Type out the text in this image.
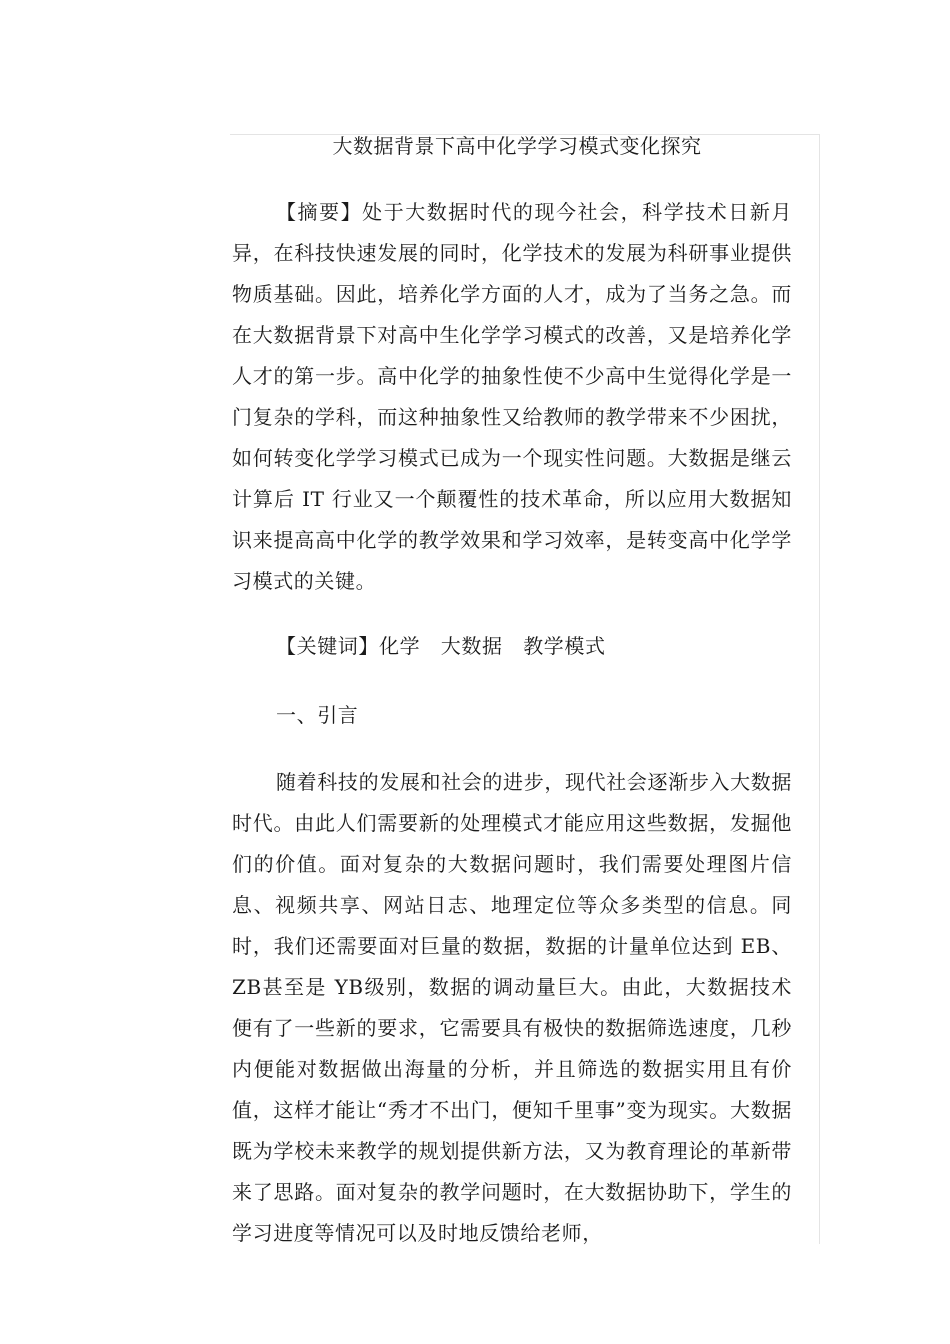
大数据背景下高中化学学习模式变化探究

【摘要】处于大数据时代的现今社会，科学技术日新月异，在科技快速发展的同时，化学技术的发展为科研事业提供物质基础。因此，培养化学方面的人才，成为了当务之急。而在大数据背景下对高中生化学学习模式的改善，又是培养化学人才的第一步。高中化学的抽象性使不少高中生觉得化学是一门复杂的学科，而这种抽象性又给教师的教学带来不少困扰，如何转变化学学习模式已成为一个现实性问题。大数据是继云计算后 IT 行业又一个颠覆性的技术革命，所以应用大数据知识来提高高中化学的教学效果和学习效率，是转变高中化学学习模式的关键。

【关键词】化学　大数据　教学模式

一、引言

随着科技的发展和社会的进步，现代社会逐渐步入大数据时代。由此人们需要新的处理模式才能应用这些数据，发掘他们的价值。面对复杂的大数据问题时，我们需要处理图片信息、视频共享、网站日志、地理定位等众多类型的信息。同时，我们还需要面对巨量的数据，数据的计量单位达到 EB、ZB甚至是 YB级别，数据的调动量巨大。由此，大数据技术便有了一些新的要求，它需要具有极快的数据筛选速度，几秒内便能对数据做出海量的分析，并且筛选的数据实用且有价值，这样才能让“秀才不出门，便知千里事”变为现实。大数据既为学校未来教学的规划提供新方法，又为教育理论的革新带来了思路。面对复杂的教学问题时，在大数据协助下，学生的学习进度等情况可以及时地反馈给老师，
